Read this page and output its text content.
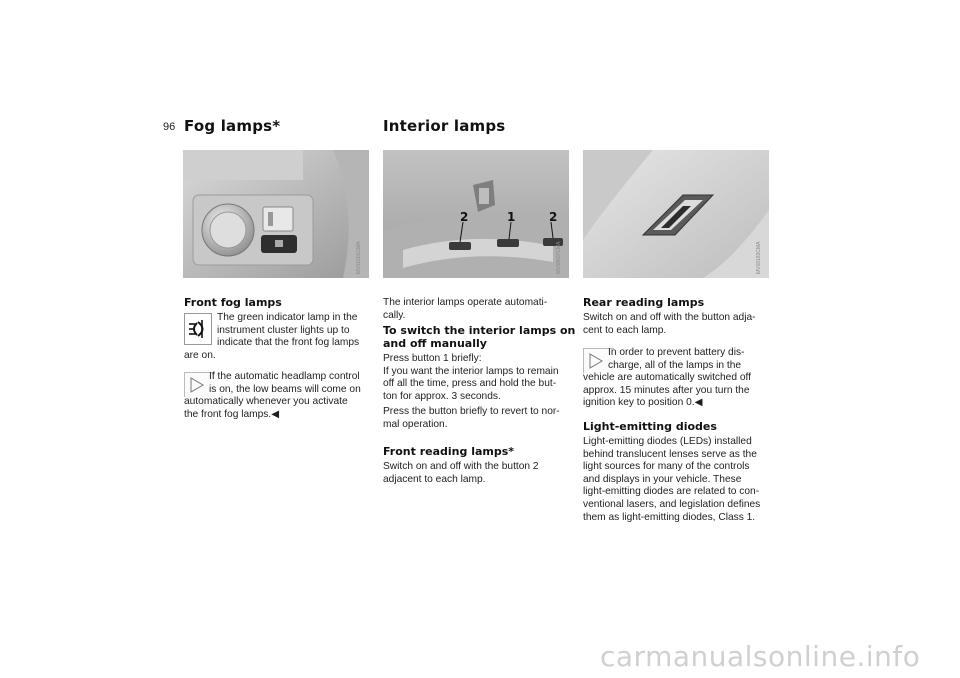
96 Fog lamps*
MV01001CMA
Front fog lamps
The green indicator lamp in the
instrument cluster lights up to
indicate that the front fog lamps
are on.
If the automatic headlamp control
is on, the low beams will come on
automatically whenever you activate
the front fog lamps.◀
Interior lamps
2	1	2
MV08607CMA
The interior lamps operate automati-
cally.
To switch the interior lamps on
and off manually
Press button 1 briefly:
If you want the interior lamps to remain
off all the time, press and hold the but-
ton for approx. 3 seconds.
Press the button briefly to revert to nor-
mal operation.
Front reading lamps*
Switch on and off with the button 2
adjacent to each lamp.
MV08183CMA
Rear reading lamps
Switch on and off with the button adja-
cent to each lamp.
In order to prevent battery dis-
charge, all of the lamps in the
vehicle are automatically switched off
approx. 15 minutes after you turn the
ignition key to position 0.◀
Light-emitting diodes
Light-emitting diodes (LEDs) installed
behind translucent lenses serve as the
light sources for many of the controls
and displays in your vehicle. These
light-emitting diodes are related to con-
ventional lasers, and legislation defines
them as light-emitting diodes, Class 1.
carmanualsonline.info
